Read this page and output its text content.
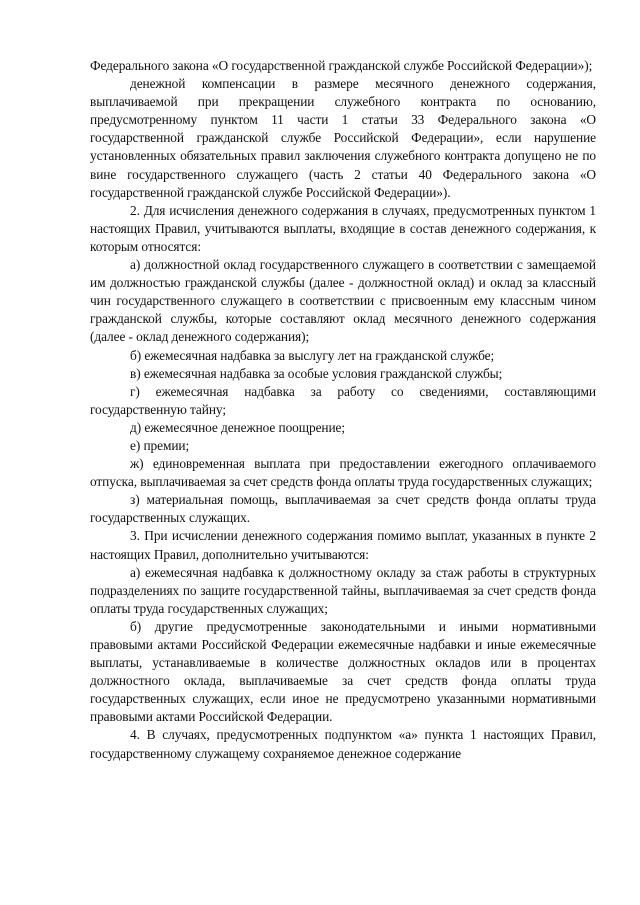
Федерального закона «О государственной гражданской службе Российской Федерации»);

денежной компенсации в размере месячного денежного содержания, выплачиваемой при прекращении служебного контракта по основанию, предусмотренному пунктом 11 части 1 статьи 33 Федерального закона «О государственной гражданской службе Российской Федерации», если нарушение установленных обязательных правил заключения служебного контракта допущено не по вине государственного служащего (часть 2 статьи 40 Федерального закона «О государственной гражданской службе Российской Федерации»).

2. Для исчисления денежного содержания в случаях, предусмотренных пунктом 1 настоящих Правил, учитываются выплаты, входящие в состав денежного содержания, к которым относятся:

а) должностной оклад государственного служащего в соответствии с замещаемой им должностью гражданской службы (далее - должностной оклад) и оклад за классный чин государственного служащего в соответствии с присвоенным ему классным чином гражданской службы, которые составляют оклад месячного денежного содержания (далее - оклад денежного содержания);

б) ежемесячная надбавка за выслугу лет на гражданской службе;

в) ежемесячная надбавка за особые условия гражданской службы;

г) ежемесячная надбавка за работу со сведениями, составляющими государственную тайну;

д) ежемесячное денежное поощрение;

е) премии;

ж) единовременная выплата при предоставлении ежегодного оплачиваемого отпуска, выплачиваемая за счет средств фонда оплаты труда государственных служащих;

з) материальная помощь, выплачиваемая за счет средств фонда оплаты труда государственных служащих.

3. При исчислении денежного содержания помимо выплат, указанных в пункте 2 настоящих Правил, дополнительно учитываются:

а) ежемесячная надбавка к должностному окладу за стаж работы в структурных подразделениях по защите государственной тайны, выплачиваемая за счет средств фонда оплаты труда государственных служащих;

б) другие предусмотренные законодательными и иными нормативными правовыми актами Российской Федерации ежемесячные надбавки и иные ежемесячные выплаты, устанавливаемые в количестве должностных окладов или в процентах должностного оклада, выплачиваемые за счет средств фонда оплаты труда государственных служащих, если иное не предусмотрено указанными нормативными правовыми актами Российской Федерации.

4. В случаях, предусмотренных подпунктом «а» пункта 1 настоящих Правил, государственному служащему сохраняемое денежное содержание
